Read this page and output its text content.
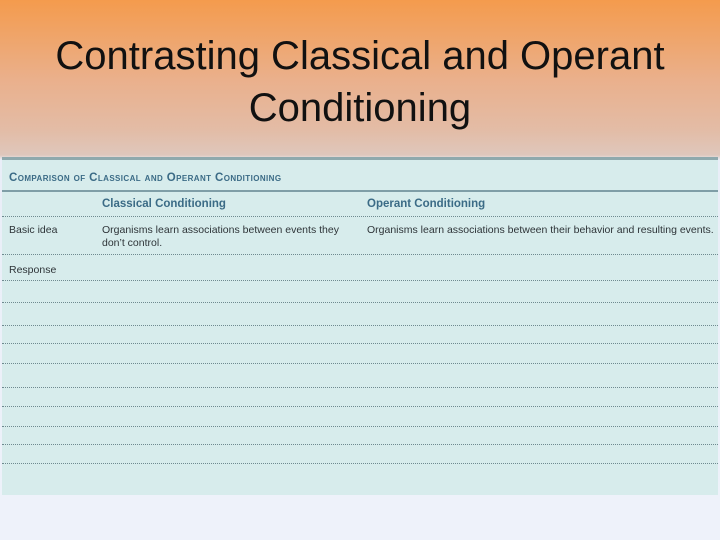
Contrasting Classical and Operant Conditioning
Comparison of Classical and Operant Conditioning
Classical Conditioning	Operant Conditioning
Basic idea	Organisms learn associations between events they don’t control.
Organisms learn associations between their behavior and resulting events.
Response
